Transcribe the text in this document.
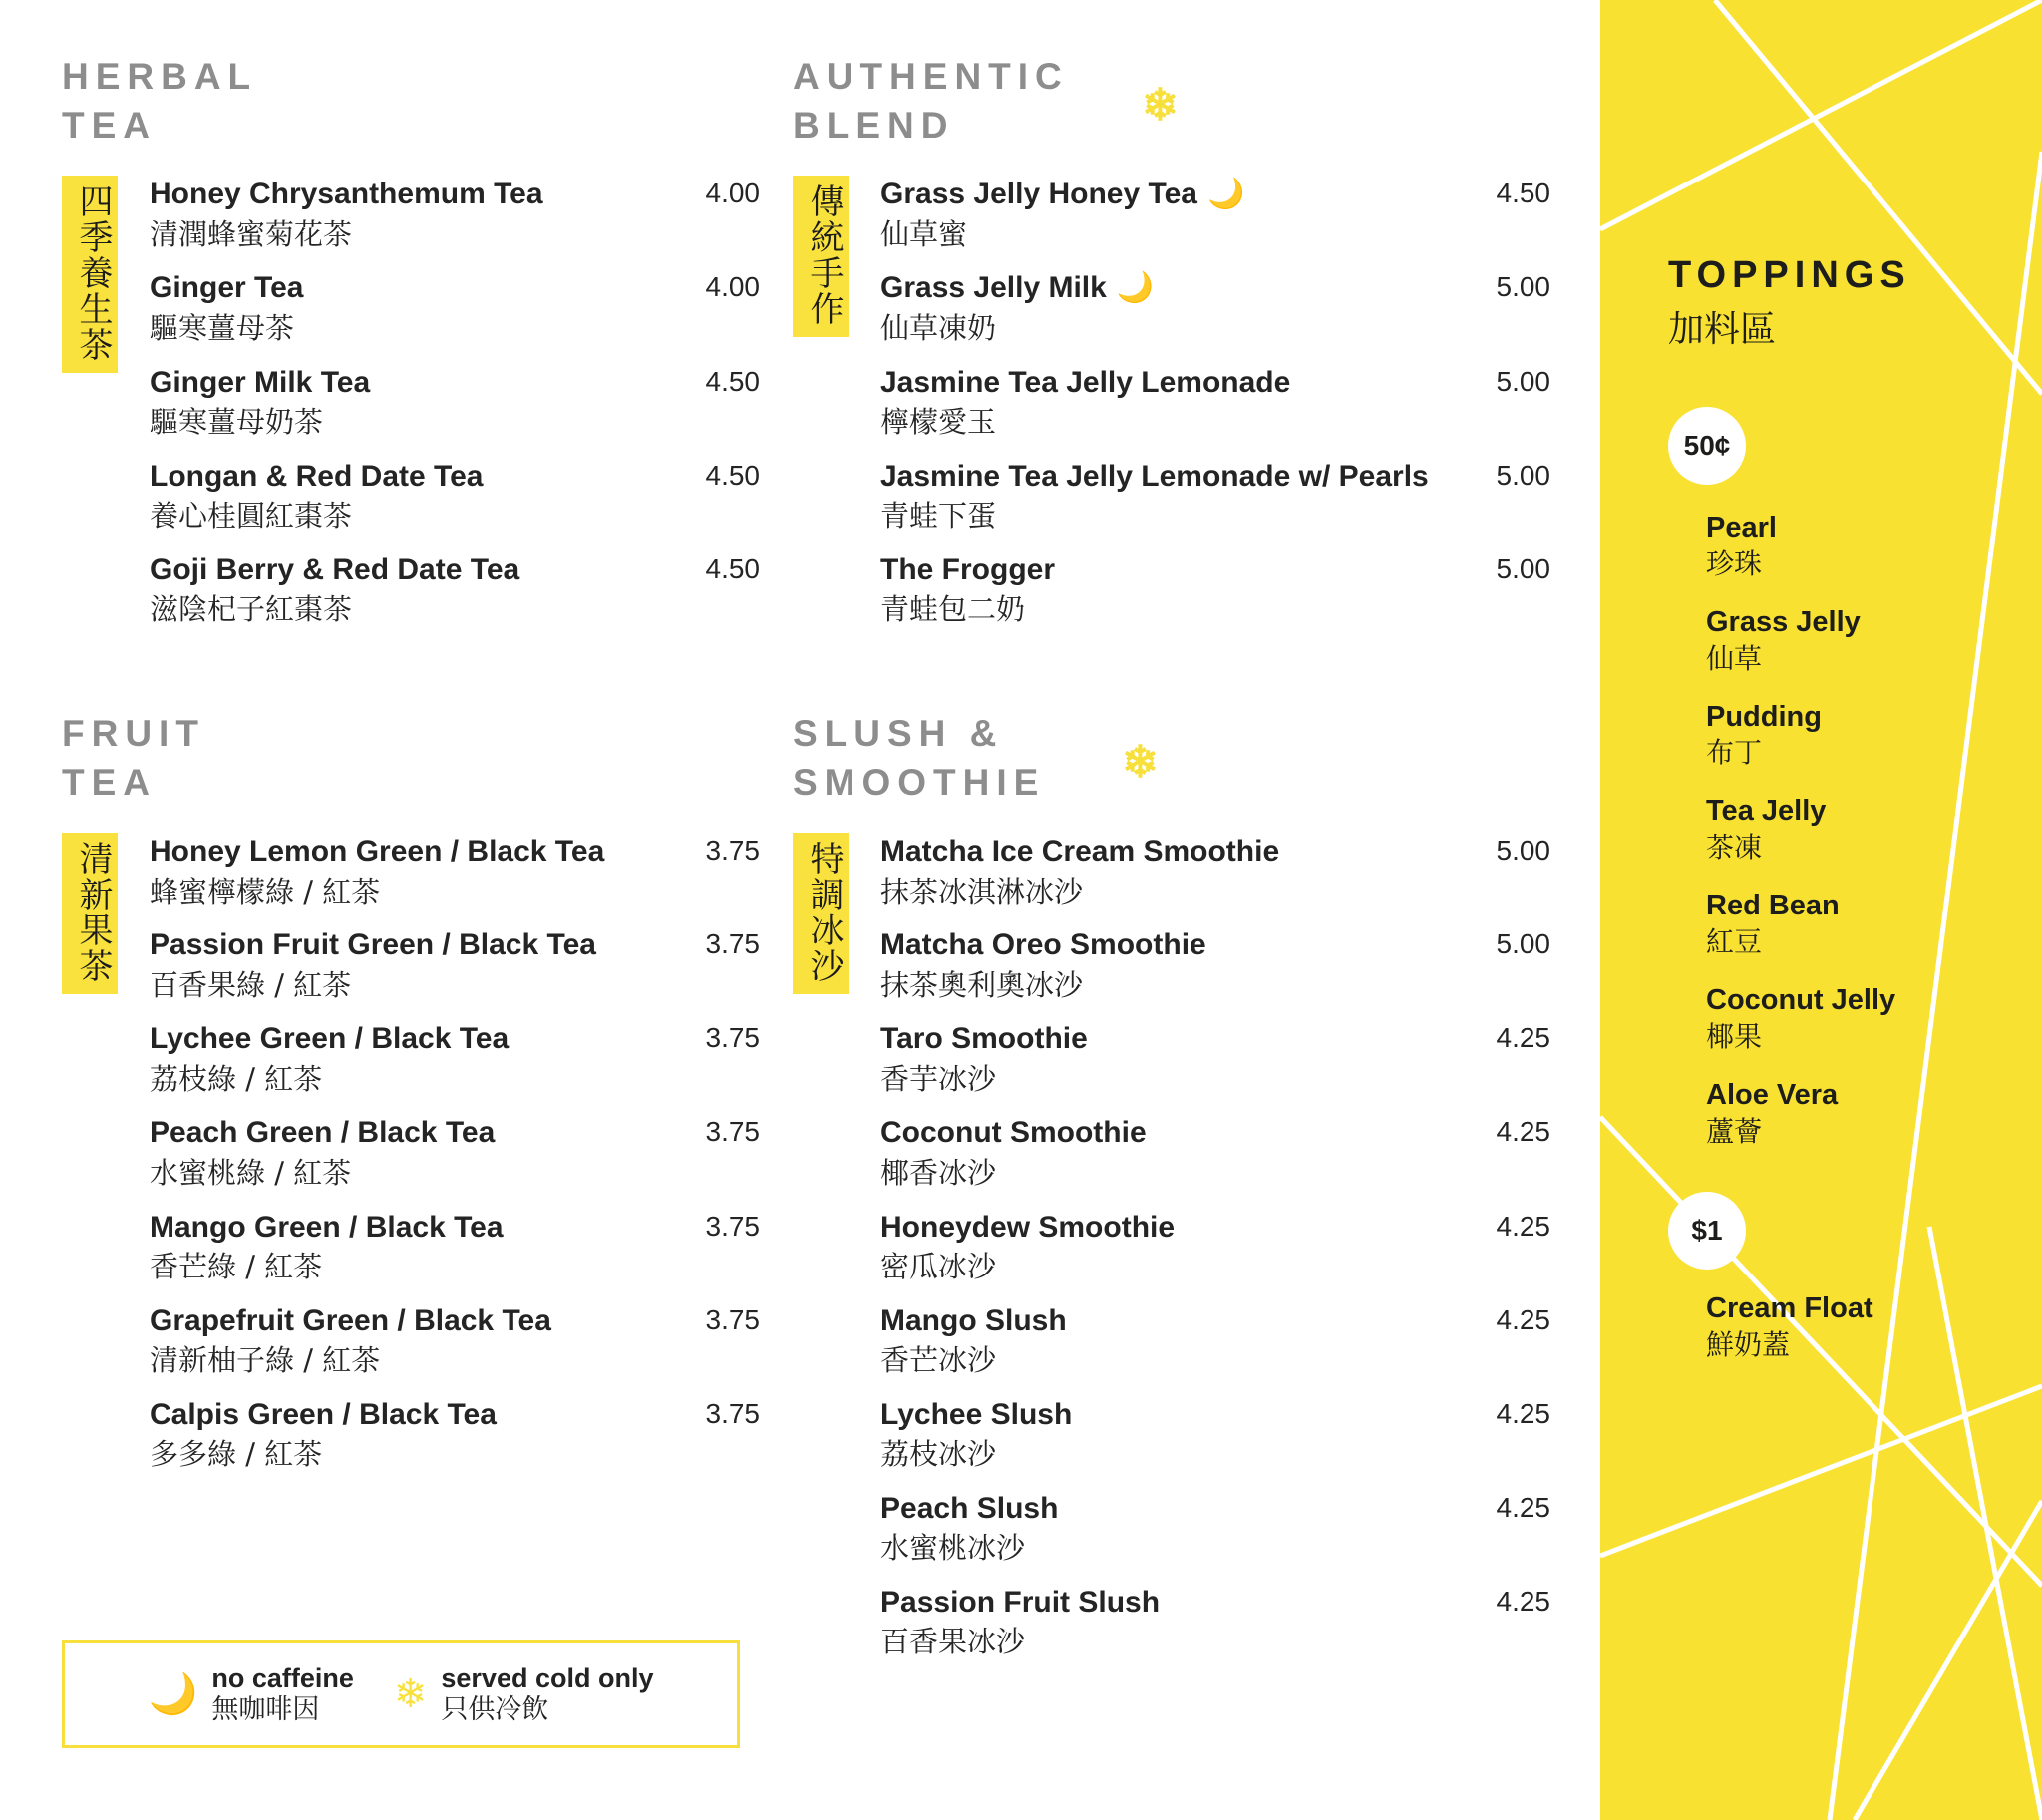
HERBAL
TEA
四季養生茶 Honey Chrysanthemum Tea
清潤蜂蜜菊花茶
4.00
Ginger Tea
驅寒薑母茶
4.00
Ginger Milk Tea
驅寒薑母奶茶
4.50
Longan & Red Date Tea
養心桂圓紅棗茶
4.50
Goji Berry & Red Date Tea
滋陰杞子紅棗茶
4.50
FRUIT
TEA
清新果茶 Honey Lemon Green / Black Tea
蜂蜜檸檬綠 / 紅茶
3.75
Passion Fruit Green / Black Tea
百香果綠 / 紅茶
3.75
Lychee Green / Black Tea
荔枝綠 / 紅茶
3.75
Peach Green / Black Tea
水蜜桃綠 / 紅茶
3.75
Mango Green / Black Tea
香芒綠 / 紅茶
3.75
Grapefruit Green / Black Tea
清新柚子綠 / 紅茶
3.75
Calpis Green / Black Tea
多多綠 / 紅茶
3.75
AUTHENTIC
❄
BLEND
傳統手作 Grass Jelly Honey Tea 🌙
仙草蜜
4.50
Grass Jelly Milk 🌙
仙草凍奶
5.00
Jasmine Tea Jelly Lemonade
檸檬愛玉
5.00
Jasmine Tea Jelly Lemonade w/ Pearls
青蛙下蛋
5.00
The Frogger
青蛙包二奶
5.00
SLUSH &
❄
SMOOTHIE
特調冰沙 Matcha Ice Cream Smoothie
抹茶冰淇淋冰沙
5.00
Matcha Oreo Smoothie
抹茶奧利奧冰沙
5.00
Taro Smoothie
香芋冰沙
4.25
Coconut Smoothie
椰香冰沙
4.25
Honeydew Smoothie
密瓜冰沙
4.25
Mango Slush
香芒冰沙
4.25
Lychee Slush
荔枝冰沙
4.25
Peach Slush
水蜜桃冰沙
4.25
Passion Fruit Slush
百香果冰沙
4.25
🌙 no caffeine
無咖啡因	❄ served cold only
只供冷飲
TOPPINGS
加料區
50¢
Pearl
珍珠
Grass Jelly
仙草
Pudding
布丁
Tea Jelly
茶凍
Red Bean
紅豆
Coconut Jelly
椰果
Aloe Vera
蘆薈
$1
Cream Float
鮮奶蓋
